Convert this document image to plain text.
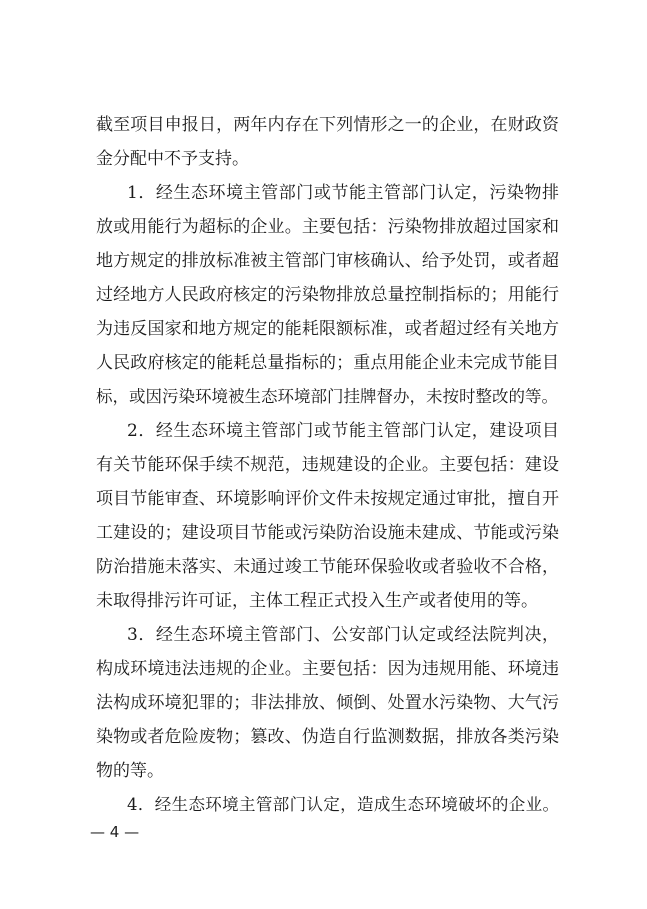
截至项目申报日，两年内存在下列情形之一的企业，在财政资
金分配中不予支持。
1．经生态环境主管部门或节能主管部门认定，污染物排
放或用能行为超标的企业。主要包括：污染物排放超过国家和
地方规定的排放标准被主管部门审核确认、给予处罚，或者超
过经地方人民政府核定的污染物排放总量控制指标的；用能行
为违反国家和地方规定的能耗限额标准，或者超过经有关地方
人民政府核定的能耗总量指标的；重点用能企业未完成节能目
标，或因污染环境被生态环境部门挂牌督办，未按时整改的等。
2．经生态环境主管部门或节能主管部门认定，建设项目
有关节能环保手续不规范，违规建设的企业。主要包括：建设
项目节能审查、环境影响评价文件未按规定通过审批，擅自开
工建设的；建设项目节能或污染防治设施未建成、节能或污染
防治措施未落实、未通过竣工节能环保验收或者验收不合格，
未取得排污许可证，主体工程正式投入生产或者使用的等。
3．经生态环境主管部门、公安部门认定或经法院判决，
构成环境违法违规的企业。主要包括：因为违规用能、环境违
法构成环境犯罪的；非法排放、倾倒、处置水污染物、大气污
染物或者危险废物；篡改、伪造自行监测数据，排放各类污染
物的等。
4．经生态环境主管部门认定，造成生态环境破坏的企业。
— 4 —
